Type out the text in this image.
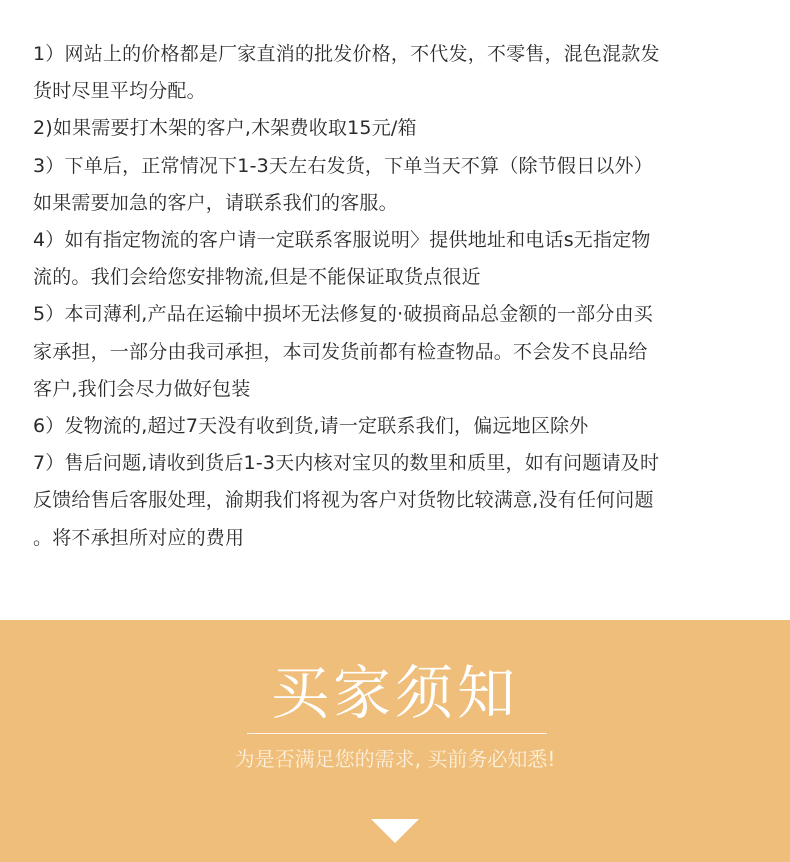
1）网站上的价格都是厂家直消的批发价格，不代发，不零售，混色混款发
货时尽里平均分配。
2)如果需要打木架的客户,木架费收取15元/箱
3）下单后，正常情况下1-3天左右发货，下单当天不算（除节假日以外）
如果需要加急的客户，请联系我们的客服。
4）如有指定物流的客户请一定联系客服说明〉提供地址和电话s无指定物
流的。我们会给您安排物流,但是不能保证取货点很近
5）本司薄利,产品在运输中损坏无法修复的·破损商品总金额的一部分由买
家承担，一部分由我司承担，本司发货前都有检查物品。不会发不良品给
客户,我们会尽力做好包装
6）发物流的,超过7天没有收到货,请一定联系我们，偏远地区除外
7）售后问题,请收到货后1-3天内核对宝贝的数里和质里，如有问题请及时
反馈给售后客服处理，渝期我们将视为客户对货物比较满意,没有任何问题
。将不承担所对应的费用
买家须知
为是否满足您的需求, 买前务必知悉!
